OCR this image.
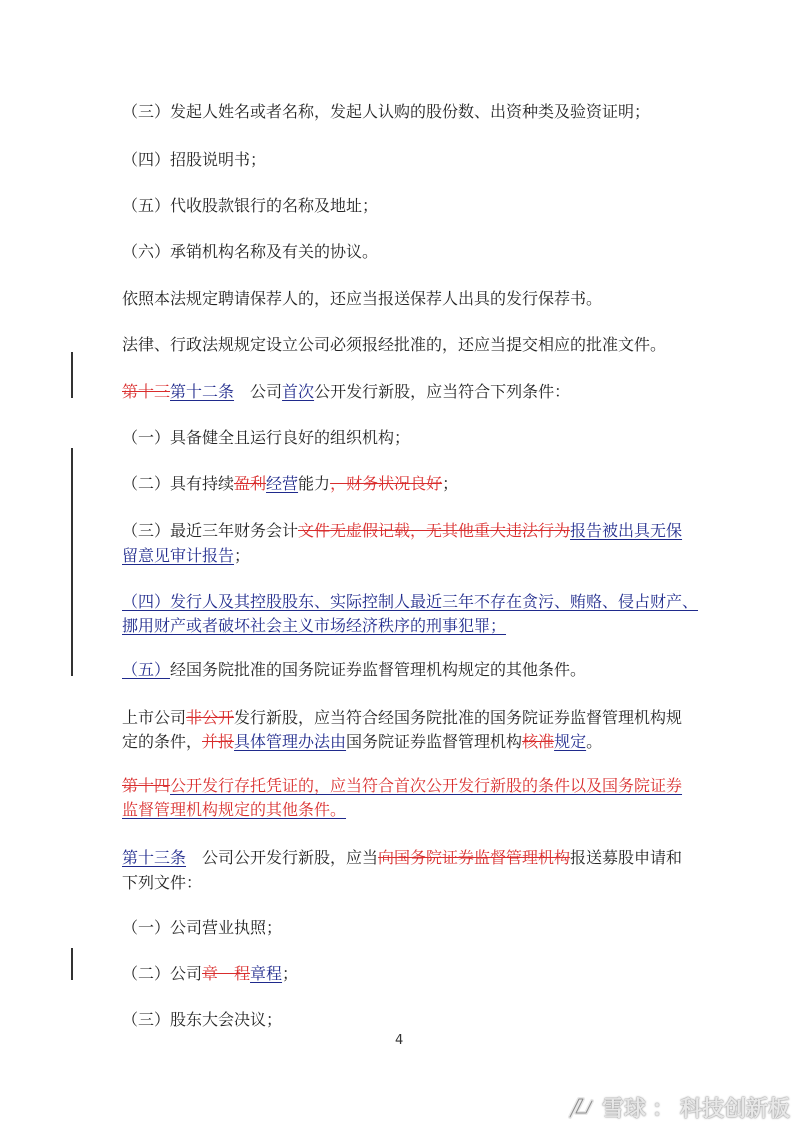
（三）发起人姓名或者名称，发起人认购的股份数、出资种类及验资证明；
（四）招股说明书；
（五）代收股款银行的名称及地址；
（六）承销机构名称及有关的协议。
依照本法规定聘请保荐人的，还应当报送保荐人出具的发行保荐书。
法律、行政法规规定设立公司必须报经批准的，还应当提交相应的批准文件。
第十三第十二条　公司首次公开发行新股，应当符合下列条件：
（一）具备健全且运行良好的组织机构；
（二）具有持续盈利经营能力，财务状况良好；
（三）最近三年财务会计文件无虚假记载，无其他重大违法行为报告被出具无保
留意见审计报告；
（四）发行人及其控股股东、实际控制人最近三年不存在贪污、贿赂、侵占财产、
挪用财产或者破坏社会主义市场经济秩序的刑事犯罪；
（五）经国务院批准的国务院证券监督管理机构规定的其他条件。
上市公司非公开发行新股，应当符合经国务院批准的国务院证券监督管理机构规
定的条件，并报具体管理办法由国务院证券监督管理机构核准规定。
第十四公开发行存托凭证的，应当符合首次公开发行新股的条件以及国务院证券
监督管理机构规定的其他条件。
第十三条　公司公开发行新股，应当向国务院证券监督管理机构报送募股申请和
下列文件：
（一）公司营业执照；
（二）公司章　程章程；
（三）股东大会决议；
4
雪球 ： 科技创新板
